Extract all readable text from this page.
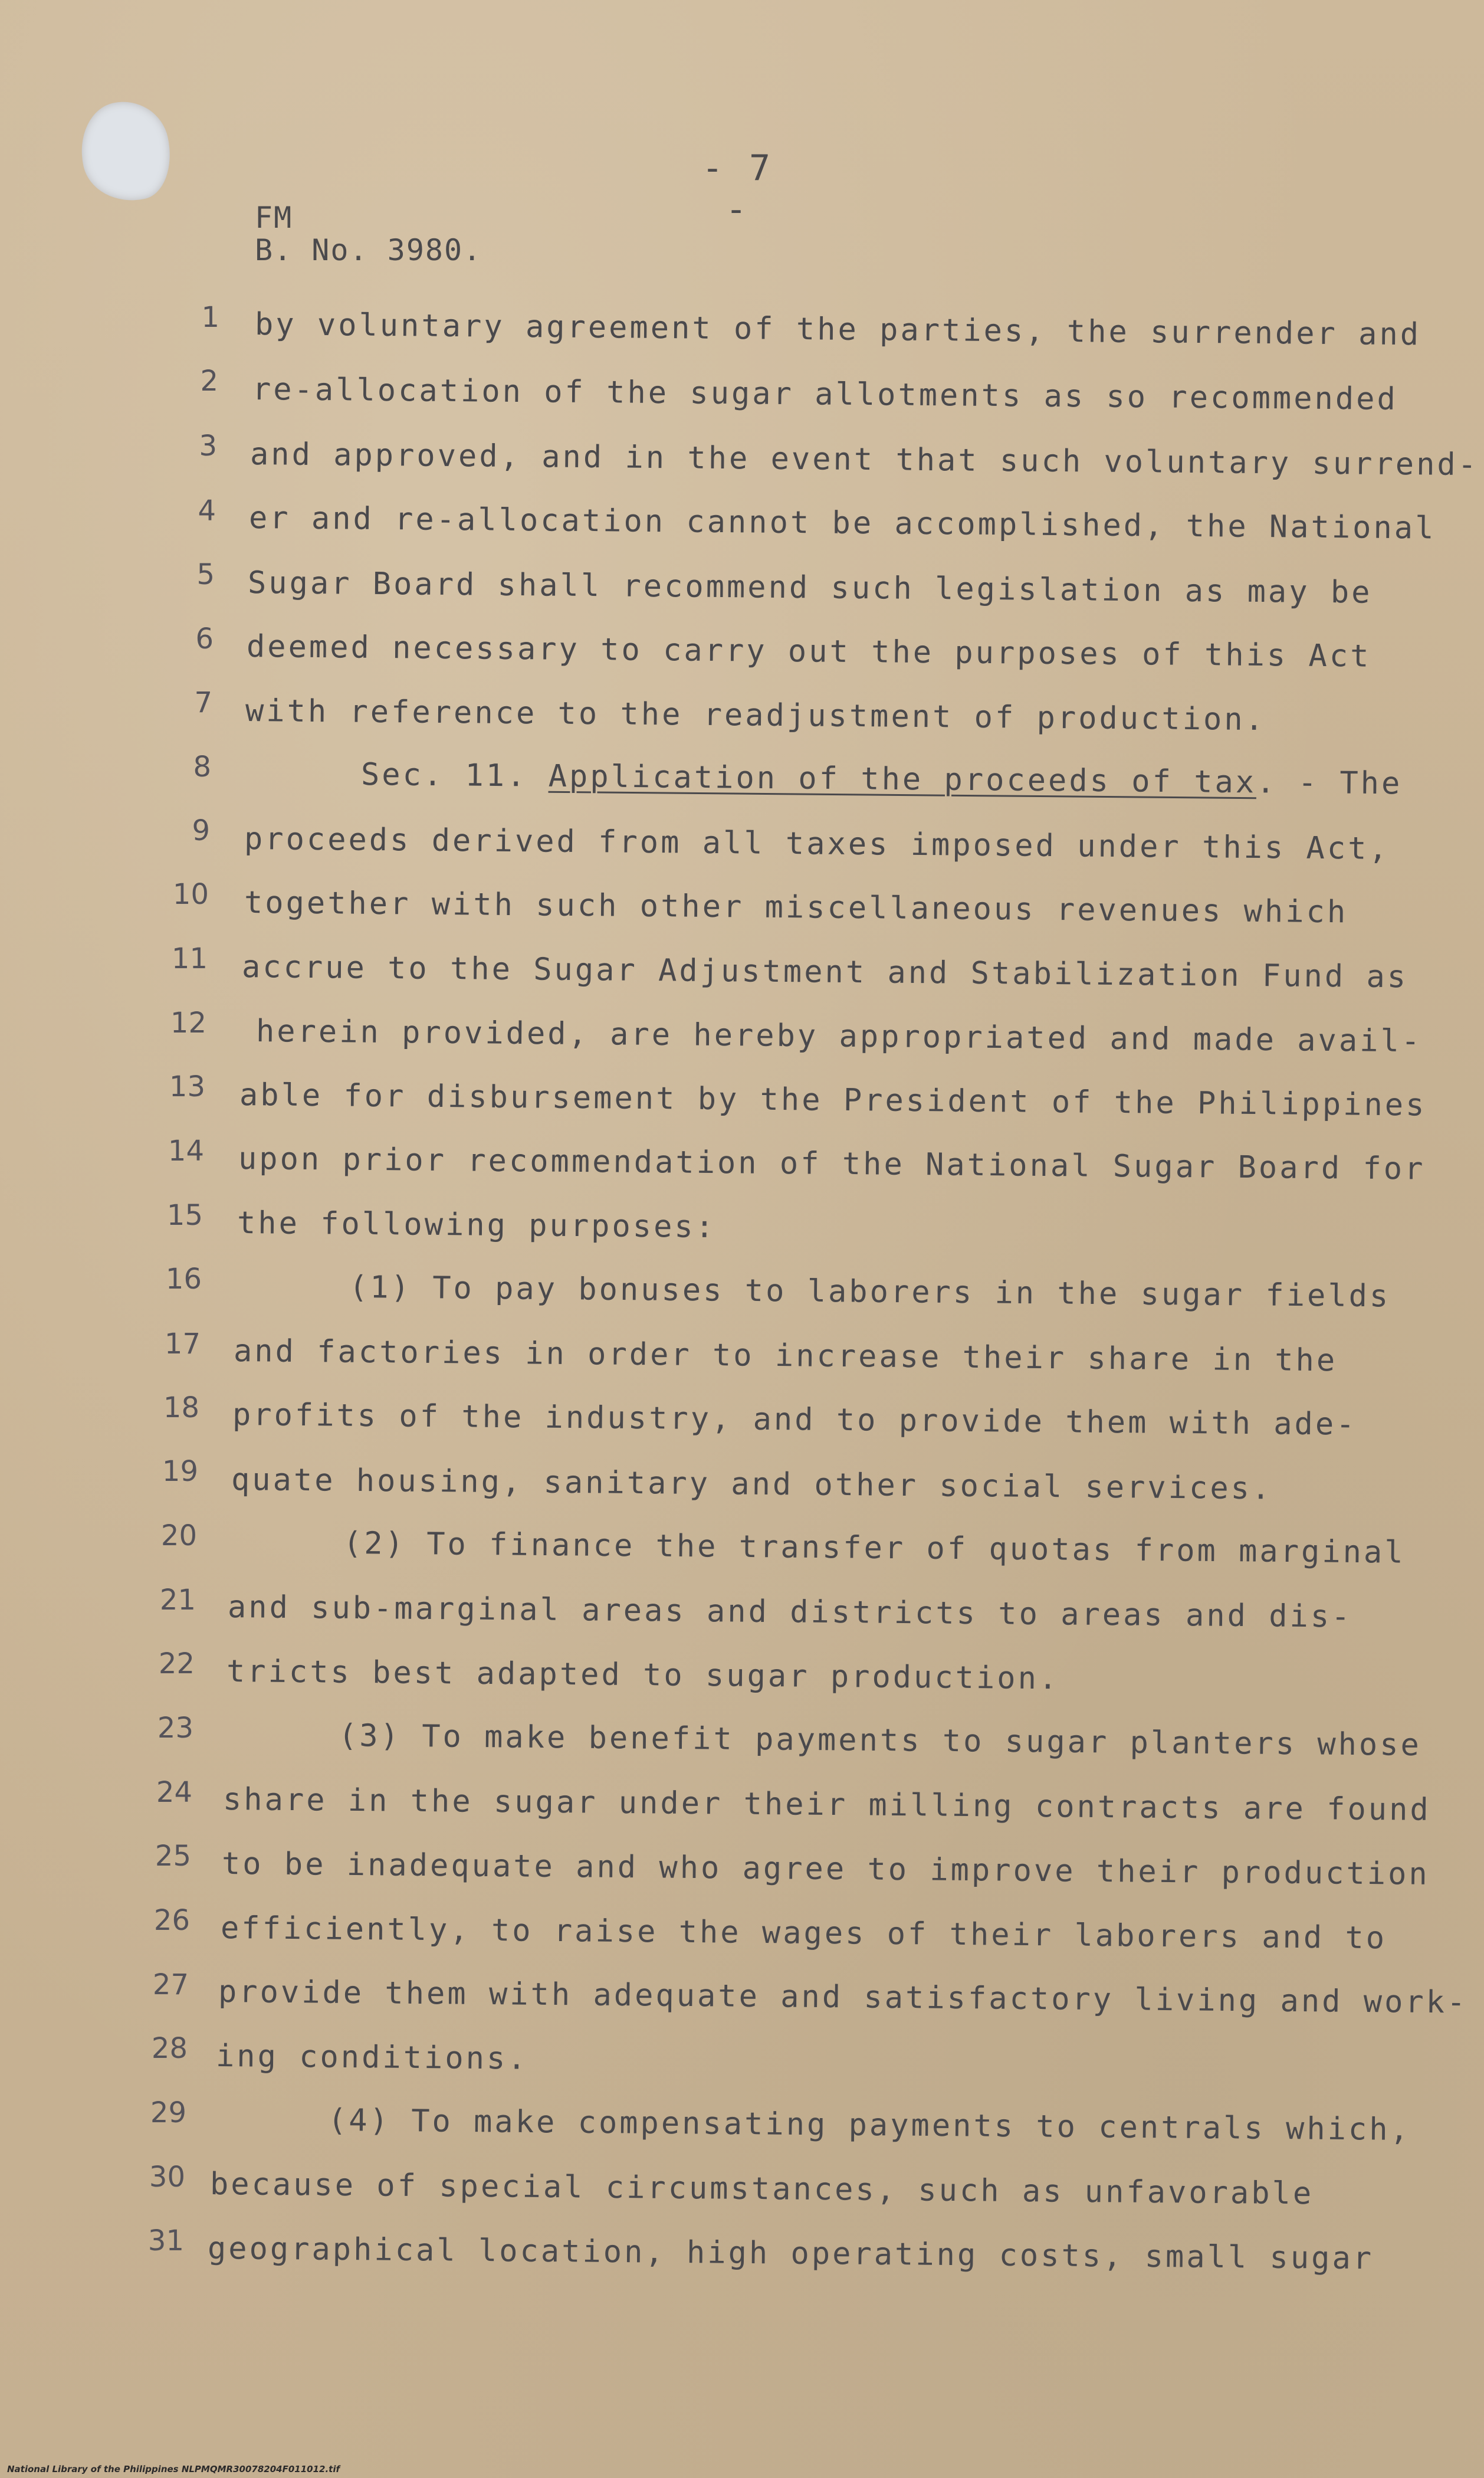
- 7 -
FM
B. No. 3980.
1
2
3
4
5
6
7
8
9
10
11
12
13
14
15
16
17
18
19
20
21
22
23
24
25
26
27
28
29
30
31
by voluntary agreement of the parties, the surrender and
re-allocation of the sugar allotments as so recommended
and approved, and in the event that such voluntary surrend-
er and re-allocation cannot be accomplished, the National
Sugar Board shall recommend such legislation as may be
deemed necessary to carry out the purposes of this Act
with reference to the readjustment of production.
Sec. 11. Application of the proceeds of tax. - The
proceeds derived from all taxes imposed under this Act,
together with such other miscellaneous revenues which
accrue to the Sugar Adjustment and Stabilization Fund as
herein provided, are hereby appropriated and made avail-
able for disbursement by the President of the Philippines
upon prior recommendation of the National Sugar Board for
the following purposes:
(1) To pay bonuses to laborers in the sugar fields
and factories in order to increase their share in the
profits of the industry, and to provide them with ade-
quate housing, sanitary and other social services.
(2) To finance the transfer of quotas from marginal
and sub-marginal areas and districts to areas and dis-
tricts best adapted to sugar production.
(3) To make benefit payments to sugar planters whose
share in the sugar under their milling contracts are found
to be inadequate and who agree to improve their production
efficiently, to raise the wages of their laborers and to
provide them with adequate and satisfactory living and work-
ing conditions.
(4) To make compensating payments to centrals which,
because of special circumstances, such as unfavorable
geographical location, high operating costs, small sugar
National Library of the Philippines NLPMQMR30078204F011012.tif
